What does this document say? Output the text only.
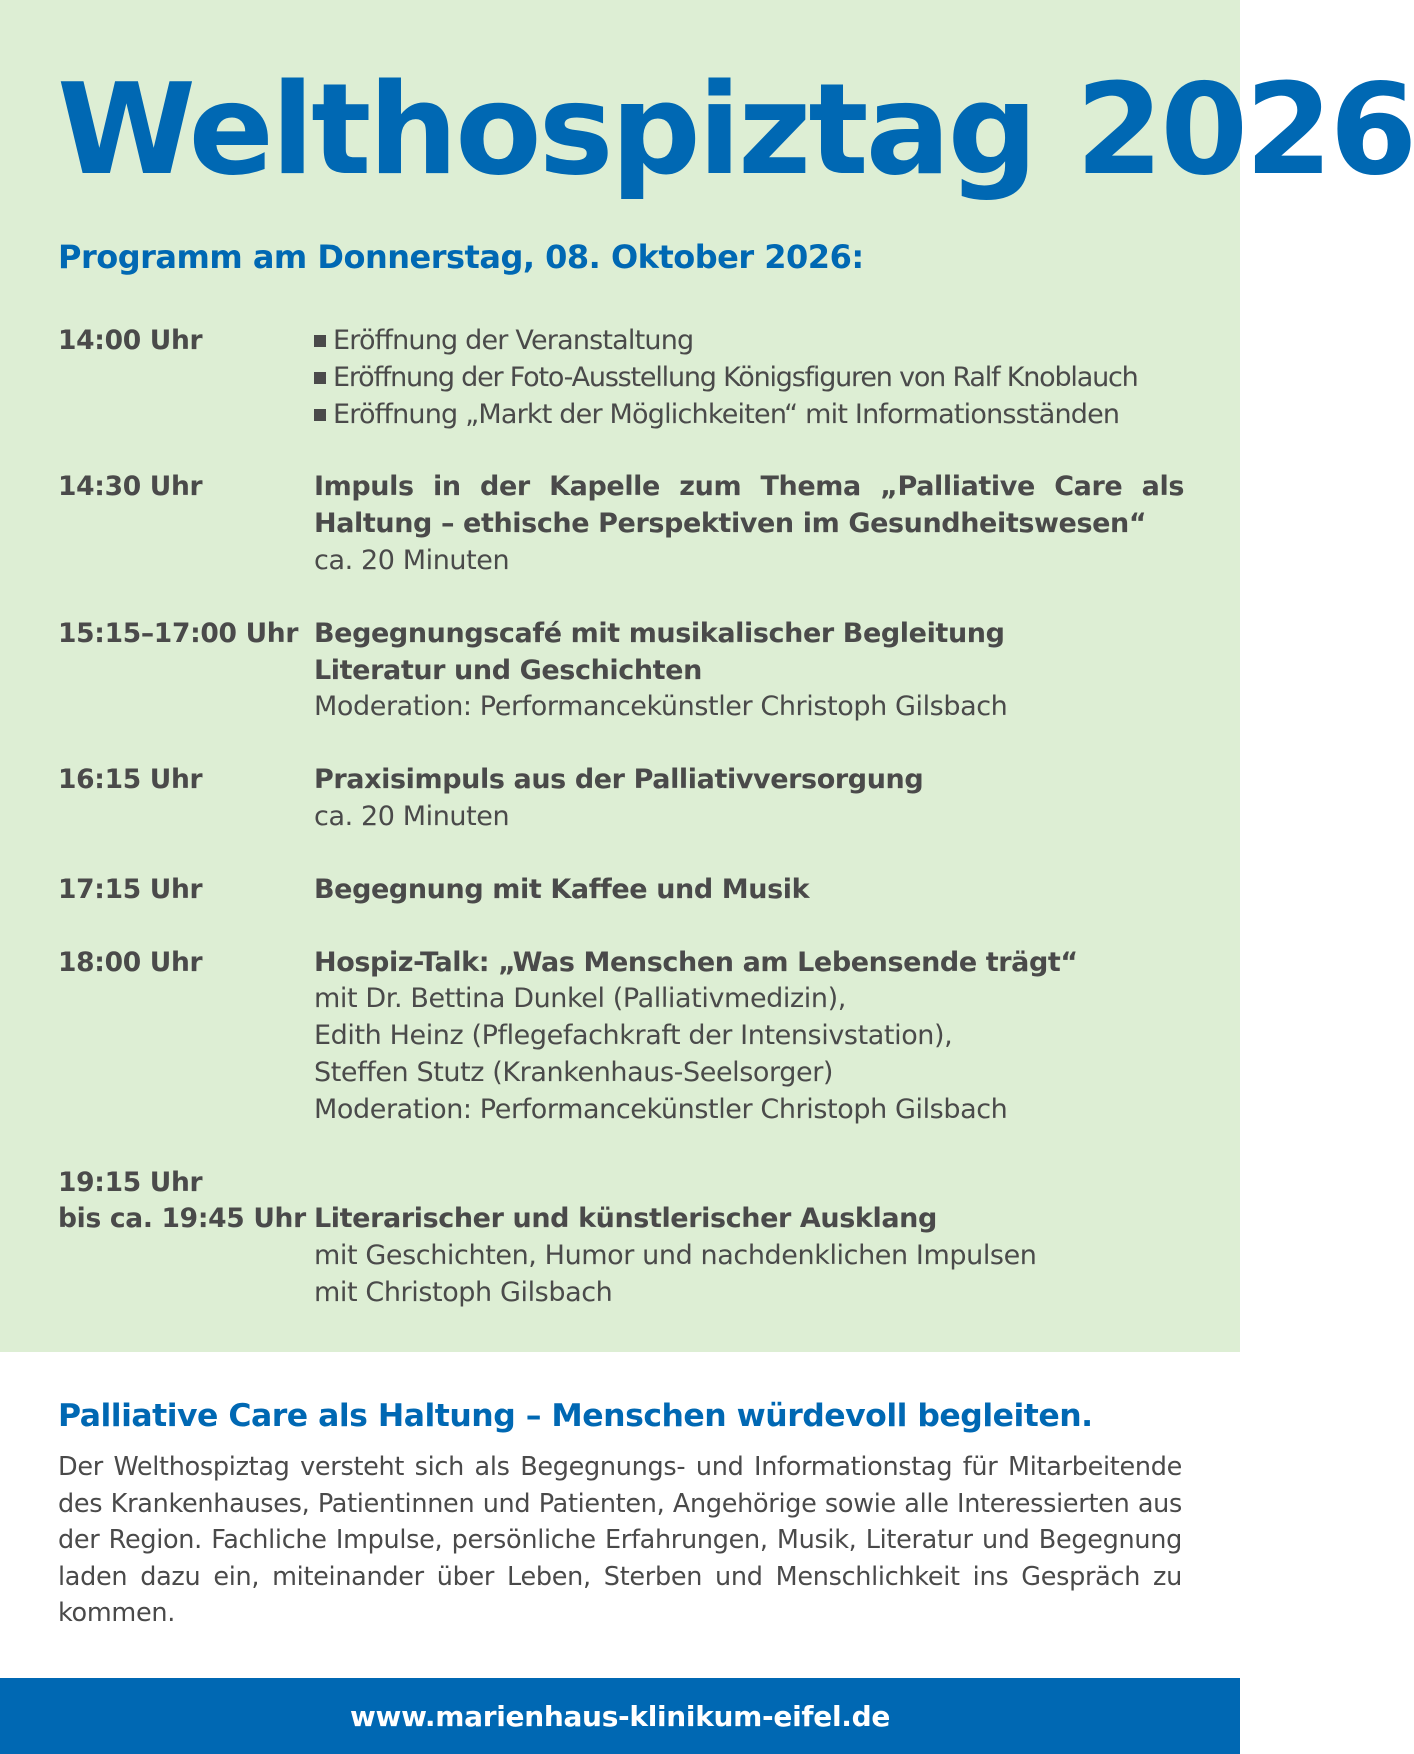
Welthospiztag 2026
Programm am Donnerstag, 08. Oktober 2026:
14:00 Uhr	Eröffnung der Veranstaltung
Eröffnung der Foto-Ausstellung Königsfiguren von Ralf Knoblauch
Eröffnung „Markt der Möglichkeiten“ mit Informationsständen
14:30 Uhr	Impuls in der Kapelle zum Thema „Palliative Care als Haltung – ethische Perspektiven im Gesundheitswesen“
ca. 20 Minuten
15:15–17:00 Uhr Begegnungscafé mit musikalischer Begleitung
Literatur und Geschichten
Moderation: Performancekünstler Christoph Gilsbach
16:15 Uhr	Praxisimpuls aus der Palliativversorgung
ca. 20 Minuten
17:15 Uhr	Begegnung mit Kaffee und Musik
18:00 Uhr	Hospiz-Talk: „Was Menschen am Lebensende trägt“
mit Dr. Bettina Dunkel (Palliativmedizin),
Edith Heinz (Pflegefachkraft der Intensivstation),
Steffen Stutz (Krankenhaus-Seelsorger)
Moderation: Performancekünstler Christoph Gilsbach
19:15 Uhr
bis ca. 19:45 Uhr Literarischer und künstlerischer Ausklang
mit Geschichten, Humor und nachdenklichen Impulsen
mit Christoph Gilsbach
Palliative Care als Haltung – Menschen würdevoll begleiten.

Der Welthospiztag versteht sich als Begegnungs- und Informationstag für Mitarbeitende des Krankenhauses, Patientinnen und Patienten, Angehörige sowie alle Interessierten aus der Region. Fachliche Impulse, persönliche Erfahrungen, Musik, Literatur und Begegnung laden dazu ein, miteinander über Leben, Sterben und Menschlichkeit ins Gespräch zu kommen.

www.marienhaus-klinikum-eifel.de
